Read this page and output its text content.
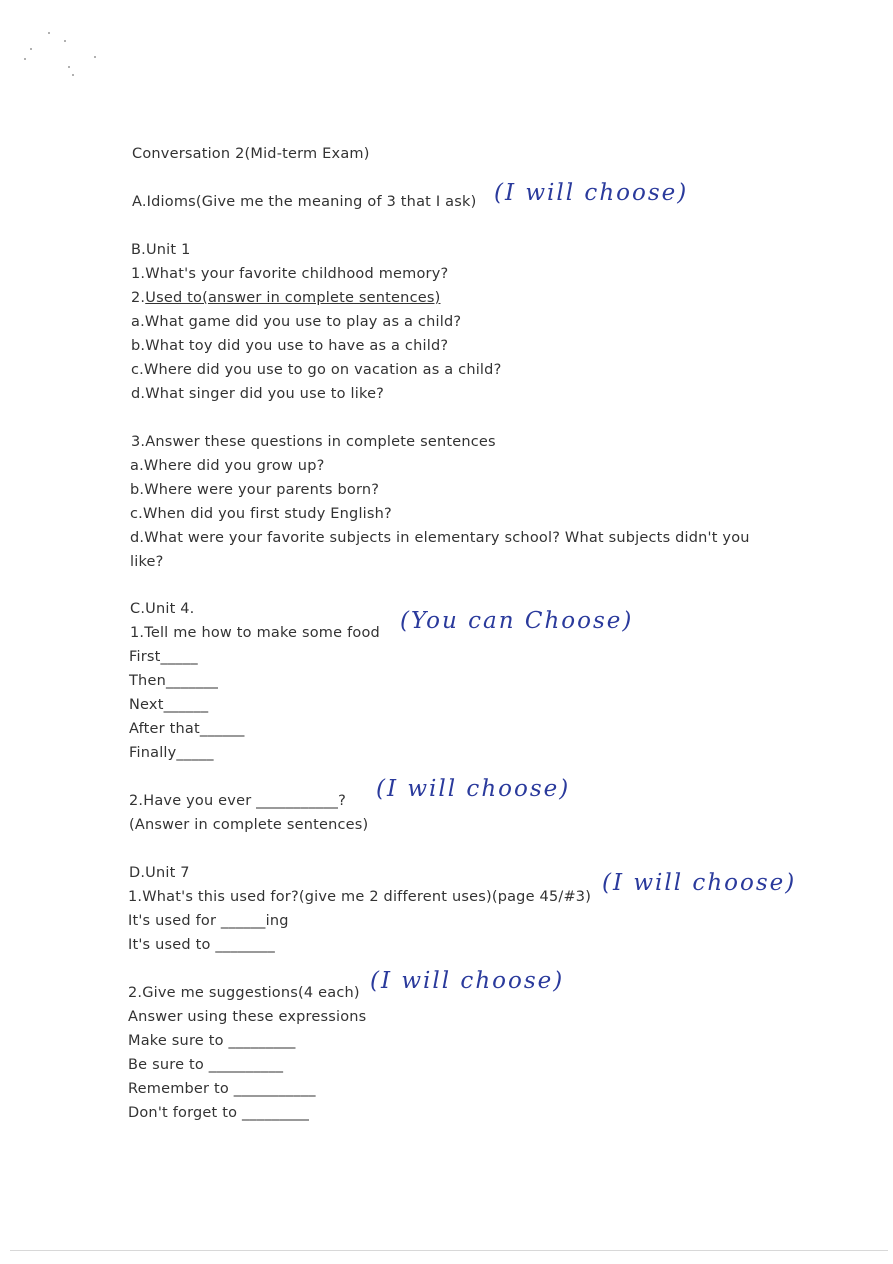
Conversation 2(Mid-term Exam)
A.Idioms(Give me the meaning of 3 that I ask) (I will choose)
B.Unit 1
1.What's your favorite childhood memory?
2.Used to(answer in complete sentences)
a.What game did you use to play as a child?
b.What toy did you use to have as a child?
c.Where did you use to go on vacation as a child?
d.What singer did you use to like?
3.Answer these questions in complete sentences
a.Where did you grow up?
b.Where were your parents born?
c.When did you first study English?
d.What were your favorite subjects in elementary school? What subjects didn't you
like?
C.Unit 4.
1.Tell me how to make some food (You can Choose)
First_____
Then_______
Next______
After that______
Finally_____
2.Have you ever ___________? (I will choose)
(Answer in complete sentences)
D.Unit 7
1.What's this used for?(give me 2 different uses)(page 45/#3)
(I will choose)
It's used for ______ing
It's used to ________
2.Give me suggestions(4 each) (I will choose)
Answer using these expressions
Make sure to _________
Be sure to __________
Remember to ___________
Don't forget to _________
